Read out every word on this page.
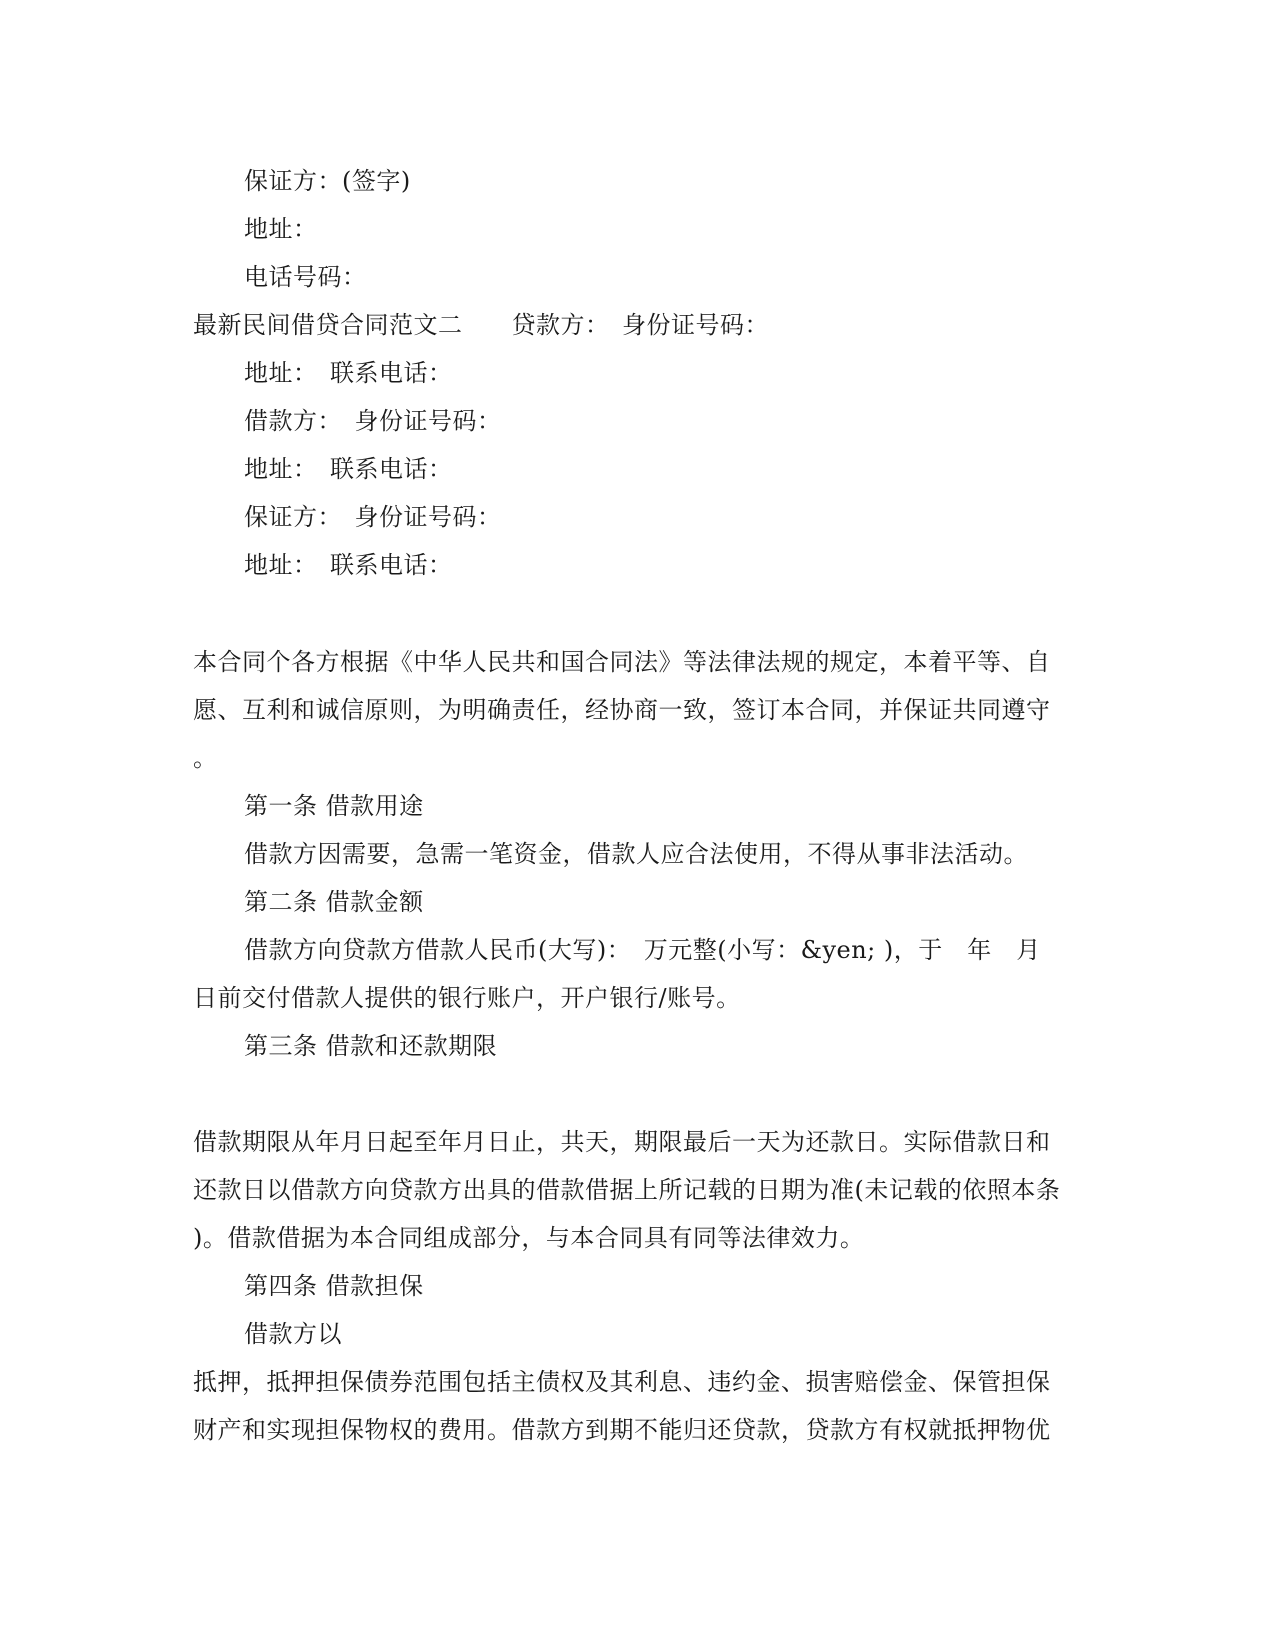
保证方：(签字)
地址：
电话号码：
最新民间借贷合同范文二　　贷款方：　身份证号码：
地址：　联系电话：
借款方：　身份证号码：
地址：　联系电话：
保证方：　身份证号码：
地址：　联系电话：
本合同个各方根据《中华人民共和国合同法》等法律法规的规定，本着平等、自
愿、互利和诚信原则，为明确责任，经协商一致，签订本合同，并保证共同遵守
。
第一条 借款用途
借款方因需要，急需一笔资金，借款人应合法使用，不得从事非法活动。
第二条 借款金额
借款方向贷款方借款人民币(大写)：　万元整(小写：&yen; )，于　年　月
日前交付借款人提供的银行账户，开户银行/账号。
第三条 借款和还款期限
借款期限从年月日起至年月日止，共天，期限最后一天为还款日。实际借款日和
还款日以借款方向贷款方出具的借款借据上所记载的日期为准(未记载的依照本条
)。借款借据为本合同组成部分，与本合同具有同等法律效力。
第四条 借款担保
借款方以
抵押，抵押担保债券范围包括主债权及其利息、违约金、损害赔偿金、保管担保
财产和实现担保物权的费用。借款方到期不能归还贷款，贷款方有权就抵押物优
